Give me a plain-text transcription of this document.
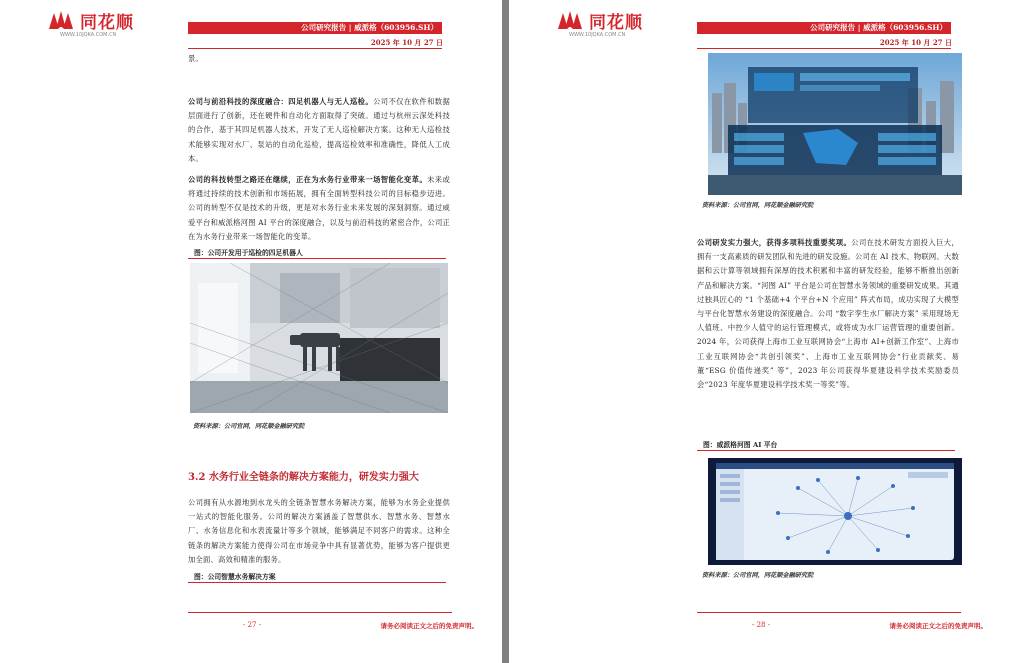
同花顺
WWW.10JQKA.COM.CN
公司研究报告 | 威派格（603956.SH）
2025 年 10 月 27 日
景。
公司与前沿科技的深度融合：四足机器人与无人巡检。公司不仅在软件和数据层面进行了创新，还在硬件和自动化方面取得了突破。通过与杭州云深处科技的合作，基于其四足机器人技术，开发了无人巡检解决方案。这种无人巡检技术能够实现对水厂、泵站的自动化巡检，提高巡检效率和准确性，降低人工成本。
公司的科技转型之路还在继续，正在为水务行业带来一场智能化变革。未来或将通过持续的技术创新和市场拓展，拥有全面转型科技公司的目标稳步迈进。公司的转型不仅是技术的升级，更是对水务行业未来发展的深刻洞察。通过威爱平台和威派格河图 AI 平台的深度融合，以及与前沿科技的紧密合作，公司正在为水务行业带来一场智能化的变革。
图：公司开发用于巡检的四足机器人
资料来源：公司官网，同花顺金融研究院
3.2 水务行业全链条的解决方案能力，研发实力强大
公司拥有从水源地到水龙头的全链条智慧水务解决方案，能够为水务企业提供一站式的智能化服务。公司的解决方案涵盖了智慧供水、智慧水务、智慧水厂、水务信息化和水表流量计等多个领域，能够满足不同客户的需求。这种全链条的解决方案能力使得公司在市场竞争中具有显著优势，能够为客户提供更加全面、高效和精准的服务。
图：公司智慧水务解决方案
- 27 -	请务必阅读正文之后的免责声明。
同花顺
WWW.10JQKA.COM.CN
公司研究报告 | 威派格（603956.SH）
2025 年 10 月 27 日
资料来源：公司官网，同花顺金融研究院
公司研发实力强大，获得多项科技重要奖项。公司在技术研发方面投入巨大，拥有一支高素质的研发团队和先进的研发设施。公司在 AI 技术、物联网、大数据和云计算等领域拥有深厚的技术积累和丰富的研发经验，能够不断推出创新产品和解决方案。“河图 AI” 平台是公司在智慧水务领域的重要研发成果。其通过独具匠心的 “1 个基础+4 个平台+N 个应用” 阵式布局，成功实现了大模型与平台化智慧水务建设的深度融合。公司 “数字孪生水厂解决方案” 采用现场无人值班、中控少人值守的运行管理模式，或将成为水厂运营管理的重要创新。2024 年，公司获得上海市工业互联网协会“上海市 AI+创新工作室”、上海市工业互联网协会“共创引领奖”、上海市工业互联网协会“行业贡献奖、易董“ESG 价值传递奖” 等”，2023 年公司获得华夏建设科学技术奖励委员会“2023 年度华夏建设科学技术奖一等奖”等。
图：威派格河图 AI 平台
资料来源：公司官网，同花顺金融研究院
- 28 -	请务必阅读正文之后的免责声明。
